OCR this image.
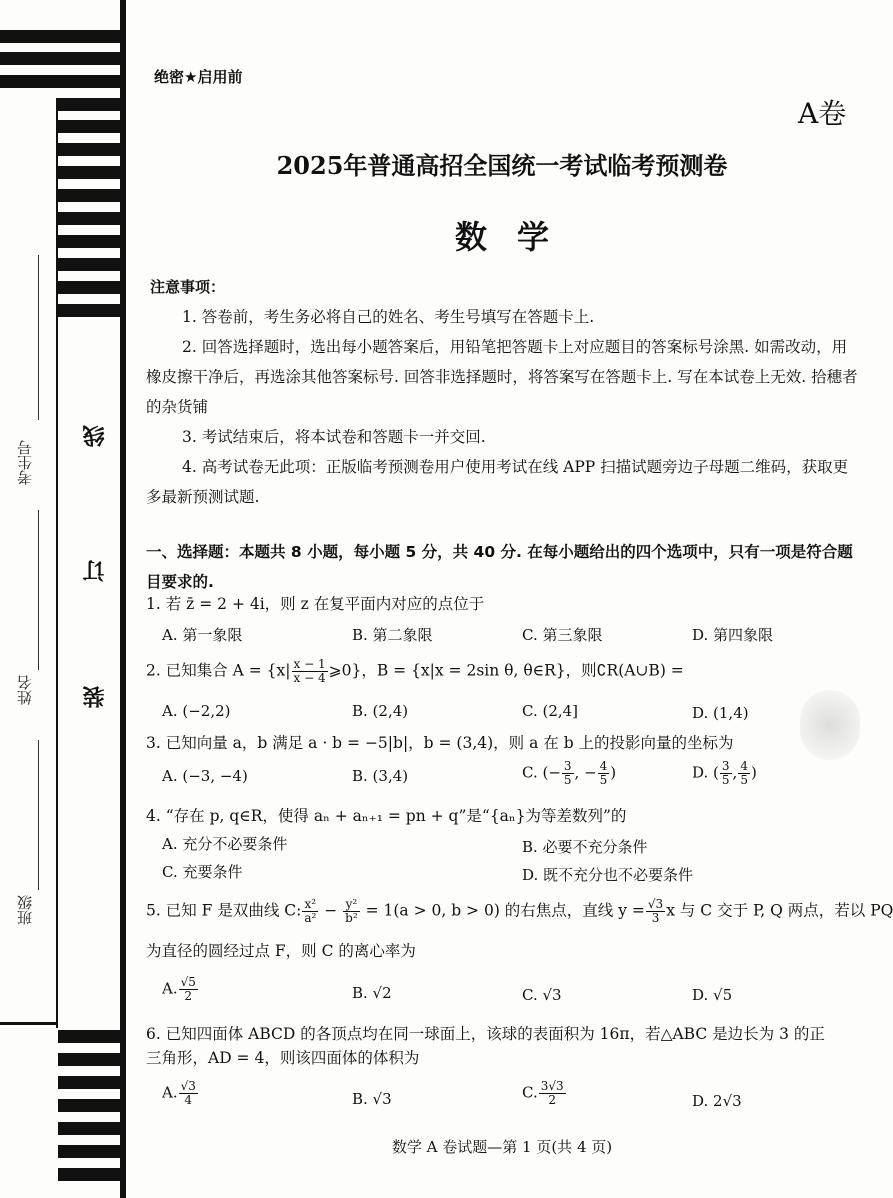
考生号
姓名
班级
线
订
装
绝密★启用前
A卷
2025年普通高招全国统一考试临考预测卷
数学
注意事项：
1. 答卷前，考生务必将自己的姓名、考生号填写在答题卡上.
2. 回答选择题时，选出每小题答案后，用铅笔把答题卡上对应题目的答案标号涂黑. 如需改动，用橡皮擦干净后，再选涂其他答案标号. 回答非选择题时，将答案写在答题卡上. 写在本试卷上无效. 拾穗者的杂货铺
3. 考试结束后，将本试卷和答题卡一并交回.
4. 高考试卷无此项：正版临考预测卷用户使用考试在线 APP 扫描试题旁边子母题二维码，获取更多最新预测试题.
一、选择题：本题共 8 小题，每小题 5 分，共 40 分. 在每小题给出的四个选项中，只有一项是符合题目要求的.
1. 若 z̄ = 2 + 4i，则 z 在复平面内对应的点位于
A. 第一象限	B. 第二象限	C. 第三象限	D. 第四象限
2. 已知集合 $A = \{x| \frac{x - 1}{x - 4}$ ⩾0}，B = {x|x = 2sin θ, θ∈R}，则∁R(A∪B) =
A. (−2,2)	B. (2,4)	C. (2,4]	D. (1,4)
3. 已知向量 a，b 满足 a · b = −5|b|，b = (3,4)，则 a 在 b 上的投影向量的坐标为
A. (−3, −4)	B. (3,4)	C. (− $\frac{3}{5}$ , − $\frac{4}{5}$ )	D. ( $\frac{3}{5}$ , $\frac{4}{5}$ )
4. “存在 p, q∈R，使得 aₙ + aₙ₊₁ = pn + q”是“{aₙ}为等差数列”的
A. 充分不必要条件	B. 必要不充分条件
C. 充要条件	D. 既不充分也不必要条件
5. 已知 F 是双曲线 C: $\frac{\text{x²}}{\text{a²}} - \frac{\text{y²}}{\text{b²}} = 1(a > 0$, b > 0) 的右焦点，直线 $y = \frac{√3}{3}$ x 与 C 交于 P, Q 两点，若以 PQ
为直径的圆经过点 F，则 C 的离心率为
A. $\frac{√5}{2}$	B. √2	C. √3	D. √5
6. 已知四面体 ABCD 的各顶点均在同一球面上，该球的表面积为 16π，若△ABC 是边长为 3 的正
三角形，AD = 4，则该四面体的体积为
A. $\frac{√3}{4}$	B. √3	C. $\frac{3√3}{2}$	D. 2√3
数学 A 卷试题—第 1 页(共 4 页)
